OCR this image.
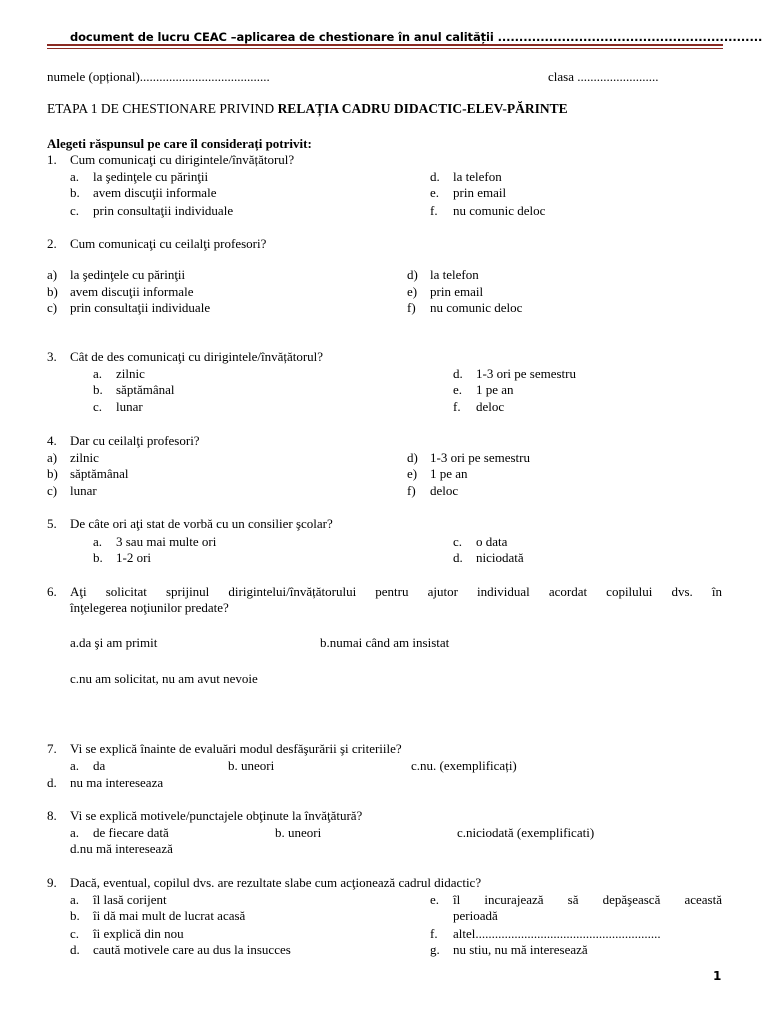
document de lucru CEAC –aplicarea de chestionare în anul calității ..............................................................
numele (opțional)........................................	clasa .........................
ETAPA 1 DE CHESTIONARE PRIVIND RELAȚIA CADRU DIDACTIC-ELEV-PĂRINTE
Alegeti răspunsul pe care îl considerați potrivit:
1. Cum comunicaţi cu dirigintele/învățătorul?
a. la şedinţele cu părinţii
b. avem discuţii informale
c. prin consultaţii individuale
d. la telefon
e. prin email
f. nu comunic deloc
2. Cum comunicaţi cu ceilalţi profesori?
a) la şedinţele cu părinţii
b) avem discuţii informale
c) prin consultaţii individuale
d) la telefon
e) prin email
f) nu comunic deloc
3. Cât de des comunicaţi cu dirigintele/învățătorul?
a. zilnic
b. săptămânal
c. lunar
d. 1-3 ori pe semestru
e. 1 pe an
f. deloc
4. Dar cu ceilalţi profesori?
a) zilnic
b) săptămânal
c) lunar
d) 1-3 ori pe semestru
e) 1 pe an
f) deloc
5. De câte ori aţi stat de vorbă cu un consilier şcolar?
a. 3 sau mai multe ori
b. 1-2 ori
c. o data
d. niciodată
6. Aţi  solicitat  sprijinul  dirigintelui/învățătorului  pentru  ajutor  individual  acordat  copilului  dvs.  în
înţelegerea noţiunilor predate?
a.da şi am primit	b.numai când am insistat
c.nu am solicitat, nu am avut nevoie
7. Vi se explică înainte de evaluări modul desfăşurării şi criteriile?
a. da	b. uneori	c.nu. (exemplificați)
d. nu ma intereseaza
8. Vi se explică motivele/punctajele obţinute la învăţătură?
a. de fiecare dată	b. uneori	c.niciodată (exemplificati)
d.nu mă interesează
9. Dacă, eventual, copilul dvs. are rezultate slabe cum acţionează cadrul didactic?
a. îl lasă corijent
b. îi dă mai mult de lucrat acasă
c. îi explică din nou
d. caută motivele care au dus la insucces
e. îl  incurajează  să  depăşească  această
perioadă
f. altel.........................................................
g. nu stiu, nu mă interesează
1
